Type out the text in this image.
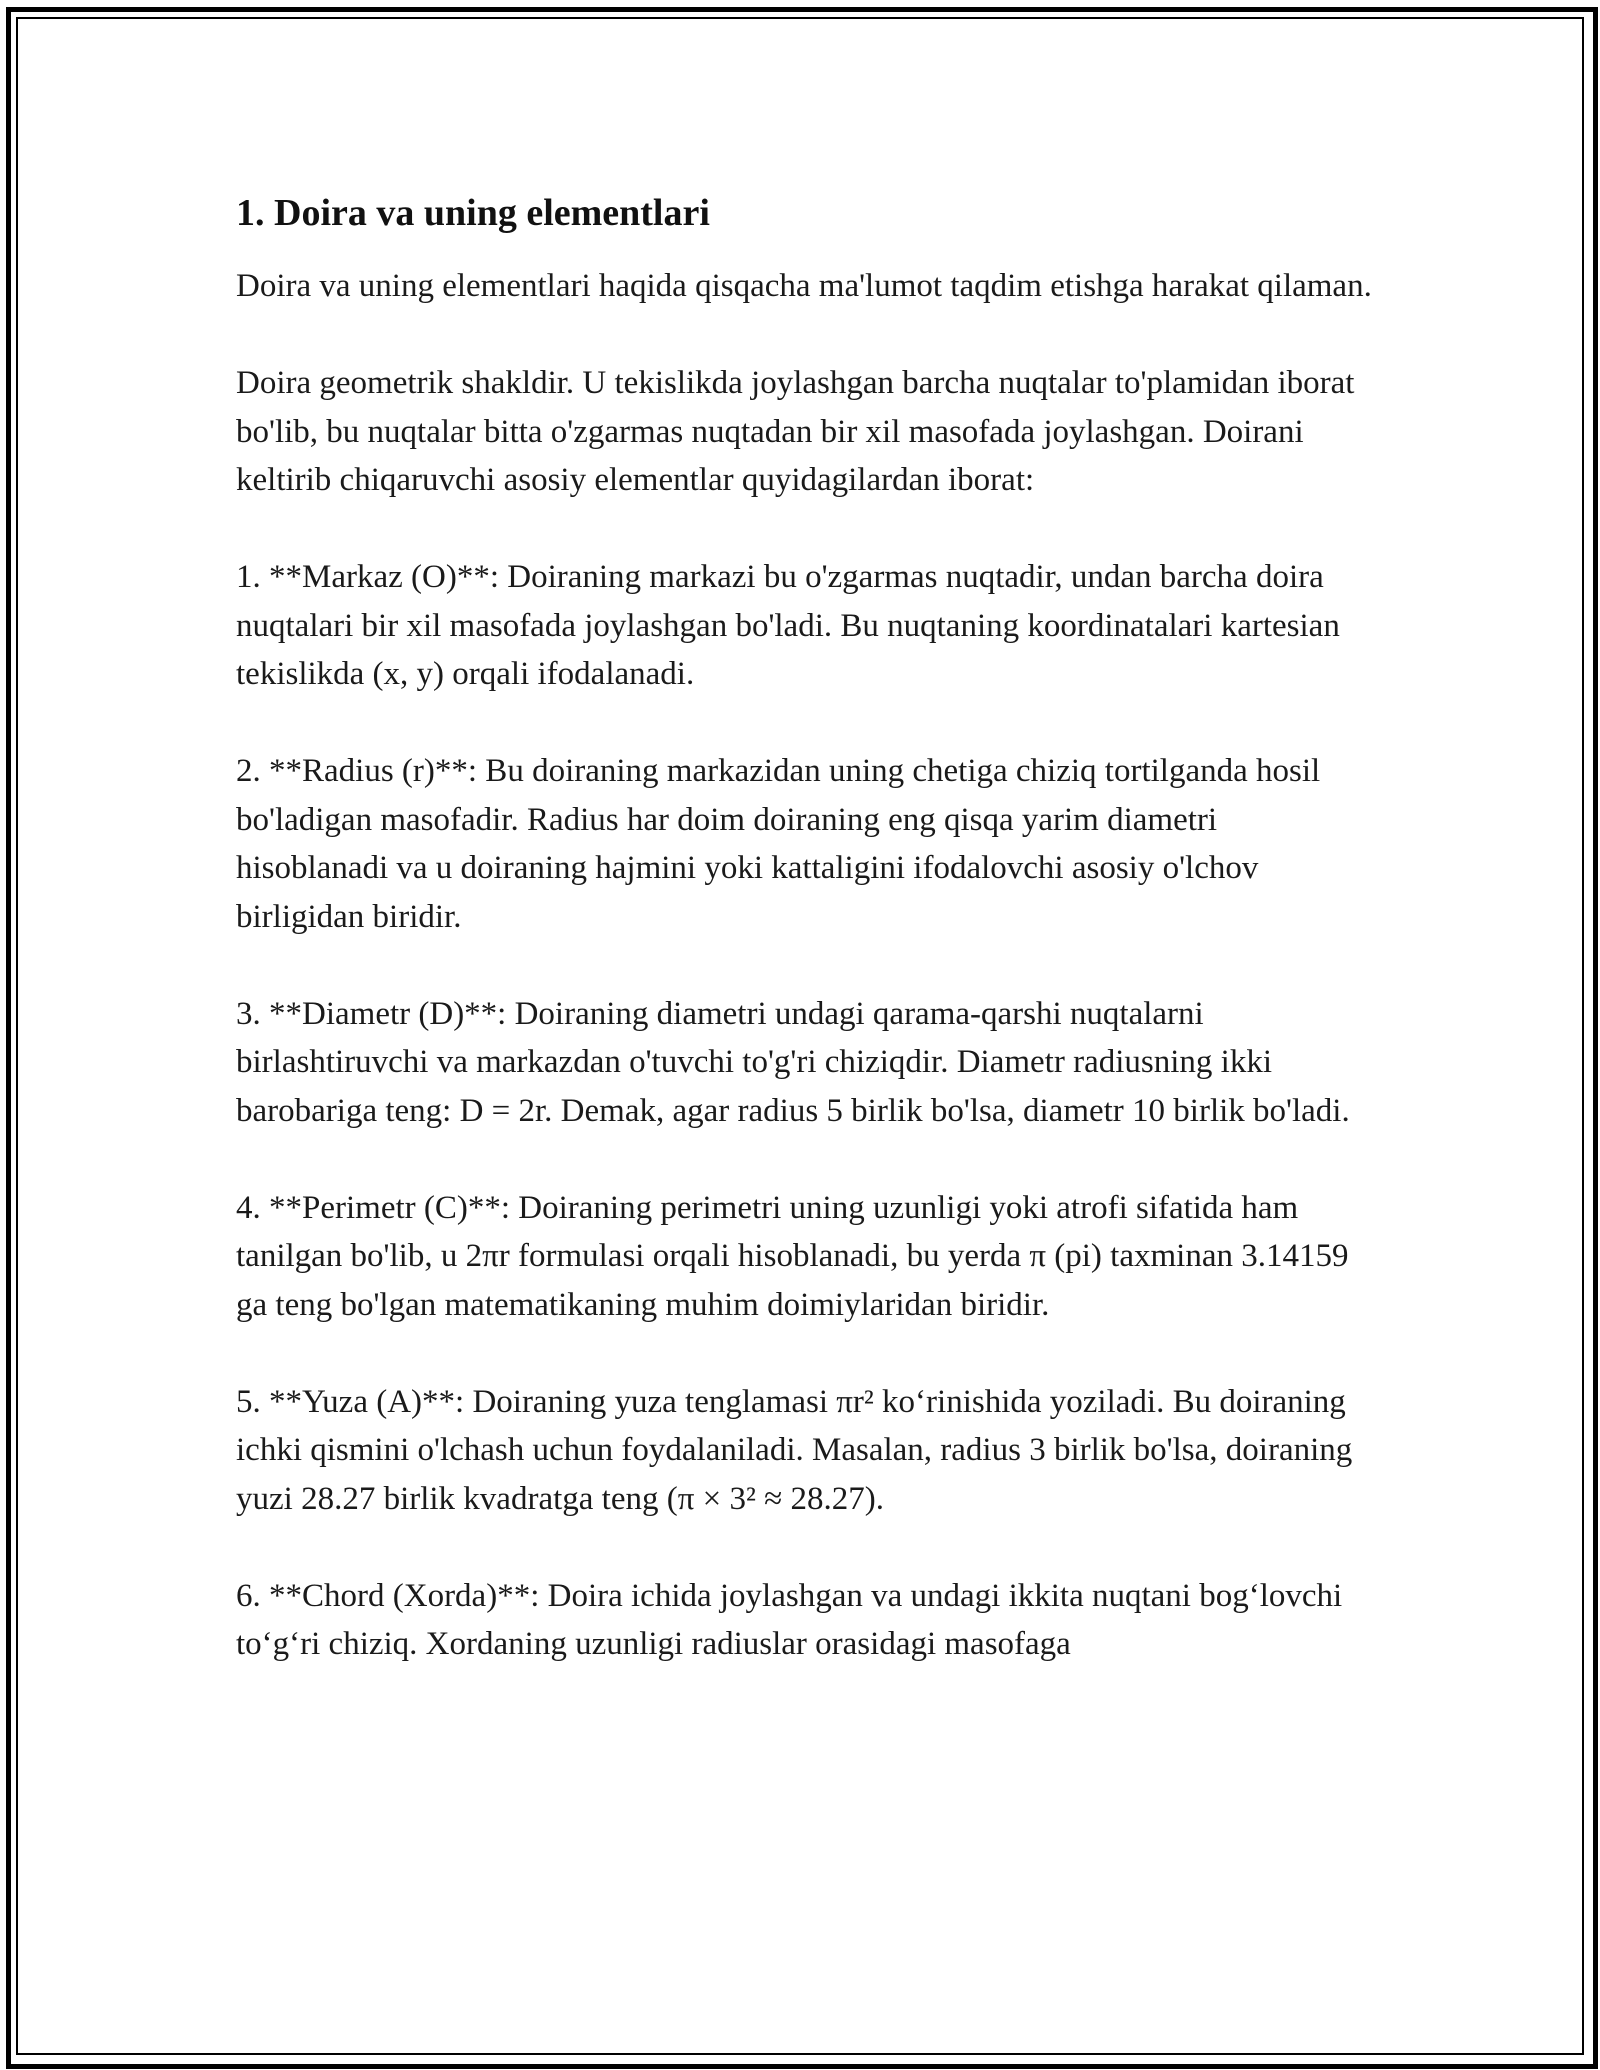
1. Doira va uning elementlari

Doira va uning elementlari haqida qisqacha ma'lumot taqdim etishga harakat qilaman.

Doira geometrik shakldir. U tekislikda joylashgan barcha nuqtalar to'plamidan iborat bo'lib, bu nuqtalar bitta o'zgarmas nuqtadan bir xil masofada joylashgan. Doirani keltirib chiqaruvchi asosiy elementlar quyidagilardan iborat:

1. **Markaz (O)**: Doiraning markazi bu o'zgarmas nuqtadir, undan barcha doira nuqtalari bir xil masofada joylashgan bo'ladi. Bu nuqtaning koordinatalari kartesian tekislikda (x, y) orqali ifodalanadi.

2. **Radius (r)**: Bu doiraning markazidan uning chetiga chiziq tortilganda hosil bo'ladigan masofadir. Radius har doim doiraning eng qisqa yarim diametri hisoblanadi va u doiraning hajmini yoki kattaligini ifodalovchi asosiy o'lchov birligidan biridir.

3. **Diametr (D)**: Doiraning diametri undagi qarama-qarshi nuqtalarni birlashtiruvchi va markazdan o'tuvchi to'g'ri chiziqdir. Diametr radiusning ikki barobariga teng: D = 2r. Demak, agar radius 5 birlik bo'lsa, diametr 10 birlik bo'ladi.

4. **Perimetr (C)**: Doiraning perimetri uning uzunligi yoki atrofi sifatida ham tanilgan bo'lib, u 2πr formulasi orqali hisoblanadi, bu yerda π (pi) taxminan 3.14159 ga teng bo'lgan matematikaning muhim doimiylaridan biridir.

5. **Yuza (A)**: Doiraning yuza tenglamasi πr² ko‘rinishida yoziladi. Bu doiraning ichki qismini o'lchash uchun foydalaniladi. Masalan, radius 3 birlik bo'lsa, doiraning yuzi 28.27 birlik kvadratga teng (π × 3² ≈ 28.27).

6. **Chord (Xorda)**: Doira ichida joylashgan va undagi ikkita nuqtani bog‘lovchi to‘g‘ri chiziq. Xordaning uzunligi radiuslar orasidagi masofaga
